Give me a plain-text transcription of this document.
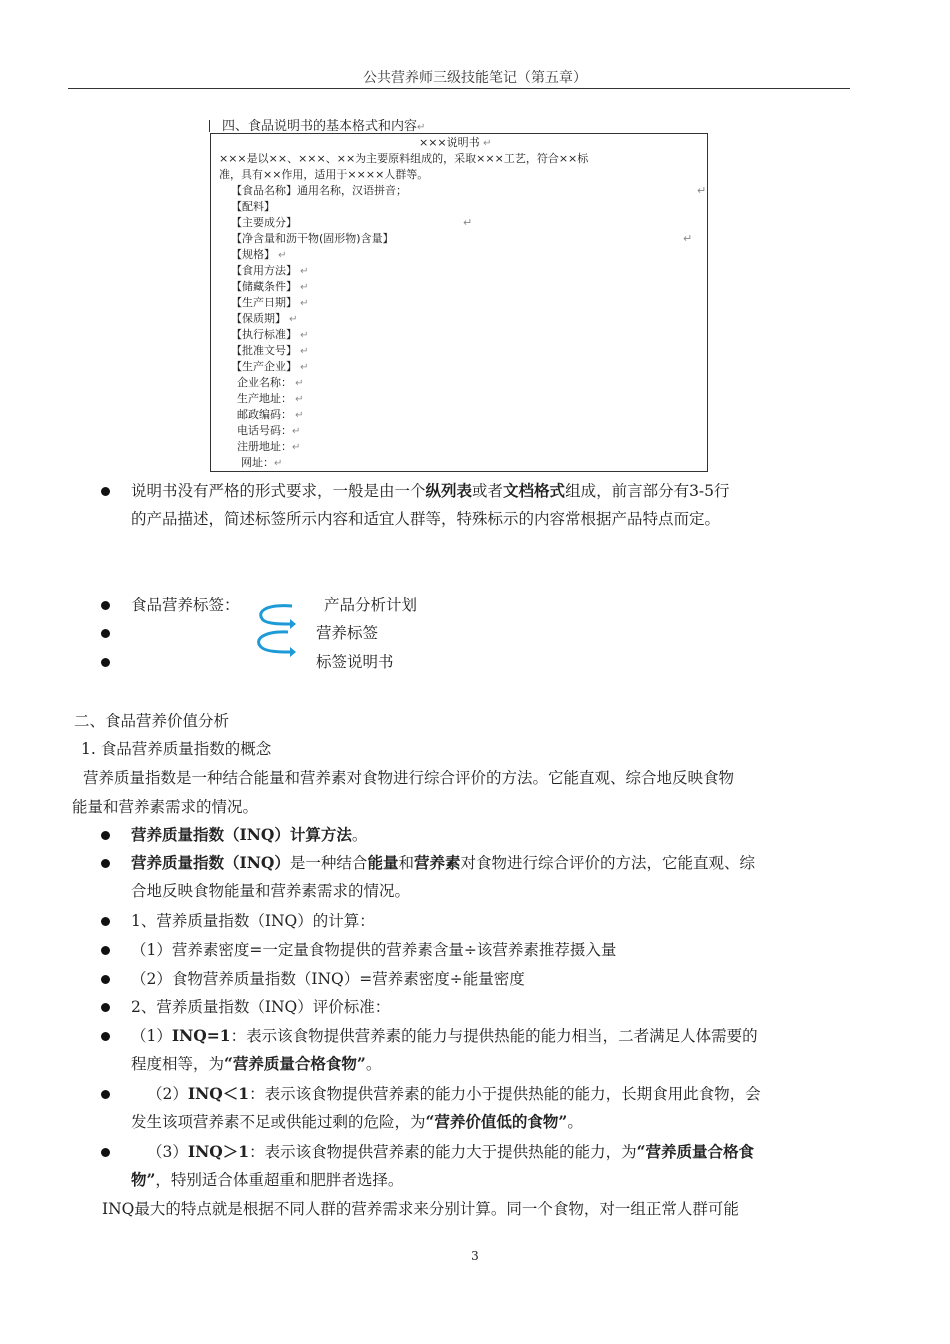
公共营养师三级技能笔记（第五章）
四、食品说明书的基本格式和内容↵
×××说明书 ↵
×××是以××、×××、××为主要原料组成的，采取×××工艺，符合××标
准，具有××作用，适用于××××人群等。
【食品名称】通用名称，汉语拼音；	↵
【配料】
【主要成分】	↵
【净含量和沥干物(固形物)含量】	↵
【规格】 ↵
【食用方法】 ↵
【储藏条件】 ↵
【生产日期】 ↵
【保质期】 ↵
【执行标准】 ↵
【批准文号】 ↵
【生产企业】 ↵
企业名称： ↵
生产地址： ↵
邮政编码： ↵
电话号码：↵
注册地址：↵
网址：↵
说明书没有严格的形式要求，一般是由一个纵列表或者文档格式组成，前言部分有3-5行
的产品描述，简述标签所示内容和适宜人群等，特殊标示的内容常根据产品特点而定。
食品营养标签：	产品分析计划
营养标签
标签说明书
二、食品营养价值分析
1. 食品营养质量指数的概念
营养质量指数是一种结合能量和营养素对食物进行综合评价的方法。它能直观、综合地反映食物
能量和营养素需求的情况。
营养质量指数（INQ）计算方法。
营养质量指数（INQ）是一种结合能量和营养素对食物进行综合评价的方法，它能直观、综
合地反映食物能量和营养素需求的情况。
1、营养质量指数（INQ）的计算：
（1）营养素密度=一定量食物提供的营养素含量÷该营养素推荐摄入量
（2）食物营养质量指数（INQ）=营养素密度÷能量密度
2、营养质量指数（INQ）评价标准：
（1）INQ=1：表示该食物提供营养素的能力与提供热能的能力相当，二者满足人体需要的
程度相等，为“营养质量合格食物”。
（2）INQ＜1：表示该食物提供营养素的能力小于提供热能的能力，长期食用此食物，会
发生该项营养素不足或供能过剩的危险，为“营养价值低的食物”。
（3）INQ＞1：表示该食物提供营养素的能力大于提供热能的能力，为“营养质量合格食
物”，特别适合体重超重和肥胖者选择。
INQ最大的特点就是根据不同人群的营养需求来分别计算。同一个食物，对一组正常人群可能
3
